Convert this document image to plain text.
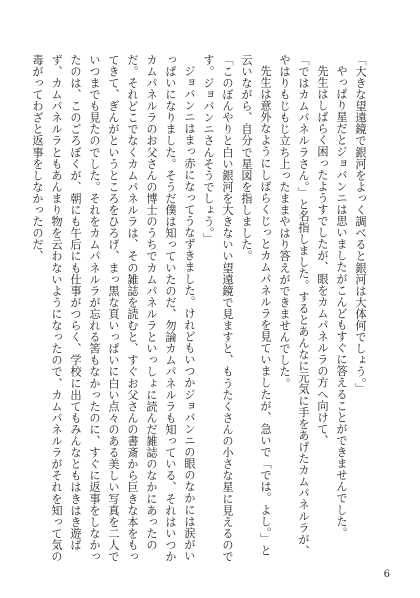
「大きな望遠鏡で銀河をよっく調べると銀河は大体何でしょう。」

やっぱり星だとジョバンニは思いましたがこんどもすぐに答えることができませんでした。

先生はしばらく困ったようすでしたが、眼をカムパネルラの方へ向けて、

「ではカムパネルラさん。」と名指しました。するとあんなに元気に手をあげたカムパネルラが、やはりもじもじ立ち上ったままやはり答えができませんでした。

先生は意外なようにしばらくじっとカムパネルラを見ていましたが、急いで「では。よし。」と云いながら、自分で星図を指しました。

「このぼんやりと白い銀河を大きないい望遠鏡で見ますと、もうたくさんの小さな星に見えるのです。ジョバンニさんそうでしょう。」

ジョバンニはまっ赤になってうなずきました。けれどもいつかジョバンニの眼のなかには涙がいっぱいになりました。そうだ僕は知っていたのだ、勿論カムパネルラも知っている、それはいつかカムパネルラのお父さんの博士のうちでカムパネルラといっしょに読んだ雑誌のなかにあったのだ。それどこでなくカムパネルラは、その雑誌を読むと、すぐお父さんの書斎から巨きな本をもってきて、ぎんがというところをひろげ、まっ黒な頁いっぱいに白い点々のある美しい写真を二人でいつまでも見たのでした。それをカムパネルラが忘れる筈もなかったのに、すぐに返事をしなかったのは、このごろぼくが、朝にも午后にも仕事がつらく、学校に出てもみんなともはきはき遊ばず、カムパネルラともあんまり物を云わないようになったので、カムパネルラがそれを知って気の毒がってわざと返事をしなかったのだ、

6
